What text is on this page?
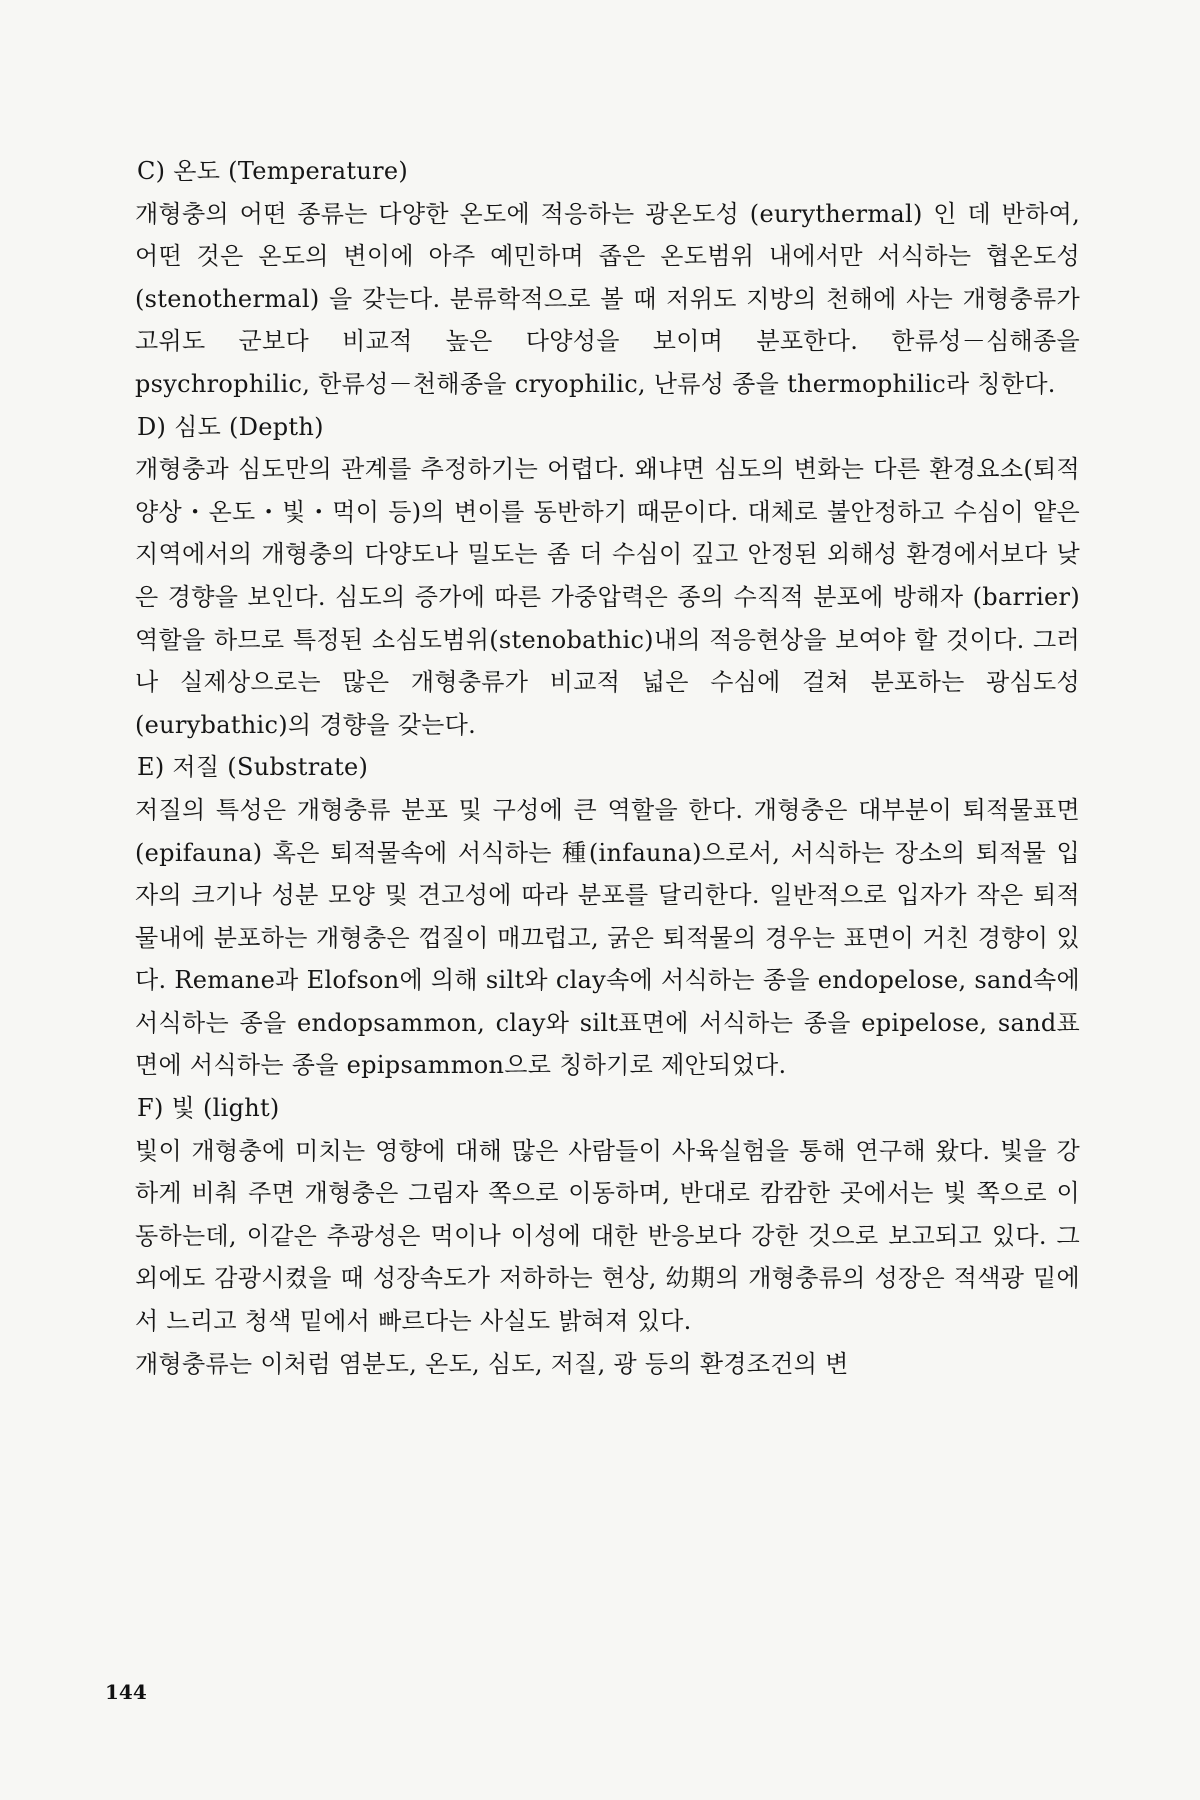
C) 온도 (Temperature)
개형충의 어떤 종류는 다양한 온도에 적응하는 광온도성 (eurythermal) 인 데 반하여, 어떤 것은 온도의 변이에 아주 예민하며 좁은 온도범위 내에서만 서식하는 협온도성 (stenothermal) 을 갖는다. 분류학적으로 볼 때 저위도 지방의 천해에 사는 개형충류가 고위도 군보다 비교적 높은 다양성을 보이며 분포한다. 한류성－심해종을 psychrophilic, 한류성－천해종을 cryophilic, 난류성 종을 thermophilic라 칭한다.
D) 심도 (Depth)
개형충과 심도만의 관계를 추정하기는 어렵다. 왜냐면 심도의 변화는 다른 환경요소(퇴적양상・온도・빛・먹이 등)의 변이를 동반하기 때문이다. 대체로 불안정하고 수심이 얕은 지역에서의 개형충의 다양도나 밀도는 좀 더 수심이 깊고 안정된 외해성 환경에서보다 낮은 경향을 보인다. 심도의 증가에 따른 가중압력은 종의 수직적 분포에 방해자 (barrier) 역할을 하므로 특정된 소심도범위(stenobathic)내의 적응현상을 보여야 할 것이다. 그러나 실제상으로는 많은 개형충류가 비교적 넓은 수심에 걸쳐 분포하는 광심도성(eurybathic)의 경향을 갖는다.
E) 저질 (Substrate)
저질의 특성은 개형충류 분포 및 구성에 큰 역할을 한다. 개형충은 대부분이 퇴적물표면(epifauna) 혹은 퇴적물속에 서식하는 種(infauna)으로서, 서식하는 장소의 퇴적물 입자의 크기나 성분 모양 및 견고성에 따라 분포를 달리한다. 일반적으로 입자가 작은 퇴적물내에 분포하는 개형충은 껍질이 매끄럽고, 굵은 퇴적물의 경우는 표면이 거친 경향이 있다. Remane과 Elofson에 의해 silt와 clay속에 서식하는 종을 endopelose, sand속에 서식하는 종을 endopsammon, clay와 silt표면에 서식하는 종을 epipelose, sand표면에 서식하는 종을 epipsammon으로 칭하기로 제안되었다.
F) 빛 (light)
빛이 개형충에 미치는 영향에 대해 많은 사람들이 사육실험을 통해 연구해 왔다. 빛을 강하게 비춰 주면 개형충은 그림자 쪽으로 이동하며, 반대로 캄캄한 곳에서는 빛 쪽으로 이동하는데, 이같은 추광성은 먹이나 이성에 대한 반응보다 강한 것으로 보고되고 있다. 그외에도 감광시켰을 때 성장속도가 저하하는 현상, 幼期의 개형충류의 성장은 적색광 밑에서 느리고 청색 밑에서 빠르다는 사실도 밝혀져 있다.
개형충류는 이처럼 염분도, 온도, 심도, 저질, 광 등의 환경조건의 변
144
